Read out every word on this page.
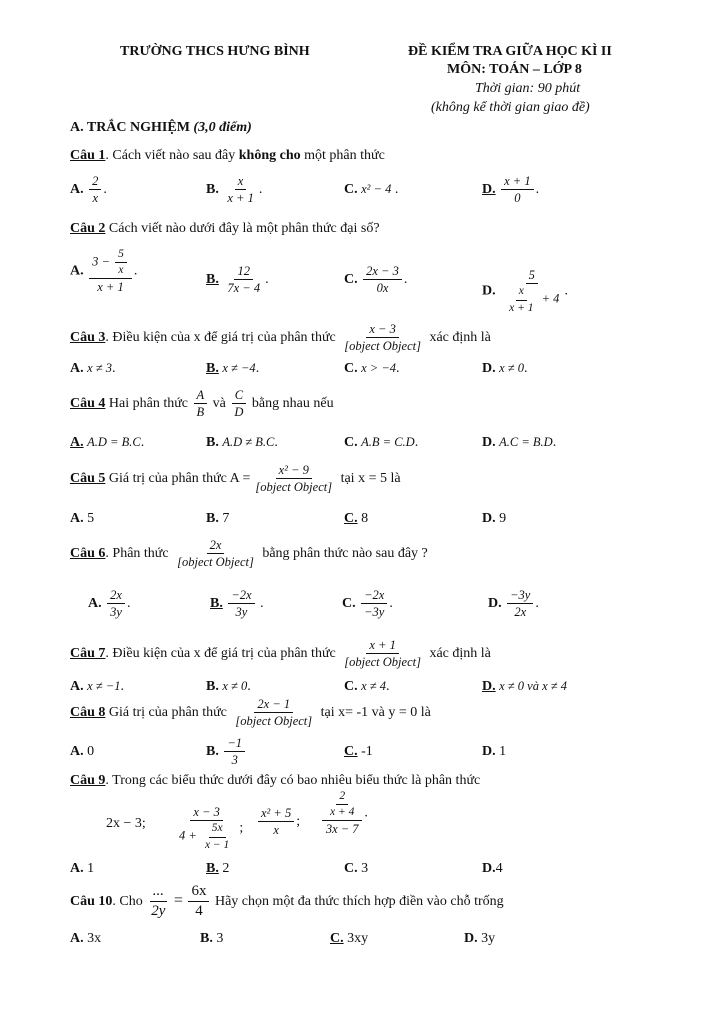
TRƯỜNG THCS HƯNG BÌNH	ĐỀ KIỂM TRA GIỮA HỌC KÌ II
MÔN: TOÁN – LỚP 8
Thời gian: 90 phút
(không kể thời gian giao đề)
A. TRẮC NGHIỆM (3,0 điểm)
Câu 1. Cách viết nào sau đây không cho một phân thức
A. $\frac{2}{x}$ .	B. $\frac{x}{x + 1}$ .	C. x² − 4 .	D. $\frac{x + 1}{0}$ .
Câu 2 Cách viết nào dưới đây là một phân thức đại số?
A. $\frac{3 - \frac{5}{x}}{x + 1}$ .
B. $\frac{12}{7x - 4}$ .	C. $\frac{2x - 3}{0x}$ .
D. $\frac{5}{\frac{x}{x + 1} + 4}$ .
Câu 3. Điều kiện của x để giá trị của phân thức $\frac{x - 3}{\text{[object Object]}}$ xác định là
A. x ≠ 3.	B. x ≠ −4.	C. x > −4.	D. x ≠ 0.
Câu 4 Hai phân thức $\frac{A}{B}$ và $\frac{C}{D}$ bằng nhau nếu
A. A.D = B.C.	B. A.D ≠ B.C.	C. A.B = C.D.	D. A.C = B.D.
Câu 5 Giá trị của phân thức $A = \frac{\text{x² − 9}}{\text{[object Object]}}$ tại x = 5 là
A. 5	B. 7	C. 8	D. 9
Câu 6. Phân thức $\frac{2x}{\text{[object Object]}}$ bằng phân thức nào sau đây ?
A. $\frac{2x}{3y}$ .	B. $\frac{-2x}{3y}$ .	C. $\frac{-2x}{-3y}$ .	D. $\frac{-3y}{2x}$ .
Câu 7. Điều kiện của x để giá trị của phân thức $\frac{x + 1}{\text{[object Object]}}$ xác định là
A. x ≠ −1.	B. x ≠ 0.	C. x ≠ 4.	D. x ≠ 0 và x ≠ 4
Câu 8 Giá trị của phân thức $\frac{2x - 1}{\text{[object Object]}}$ tại x= -1 và y = 0 là
A. 0	B. $\frac{-1}{3}$	C. -1	D. 1
Câu 9. Trong các biểu thức dưới đây có bao nhiêu biểu thức là phân thức
2x − 3; $\frac{x - 3}{4 + \frac{5x}{x - 1}}$ ; $\frac{\text{x² + 5}}{x}$ ; $\frac{\frac{2}{x + 4}}{3x - 7}$ .
A. 1	B. 2	C. 3	D.4
Câu 10. Cho $\frac{...}{2y} = \frac{6x}{4}$ Hãy chọn một đa thức thích hợp điền vào chỗ trống
A. 3x	B. 3	C. 3xy	D. 3y
